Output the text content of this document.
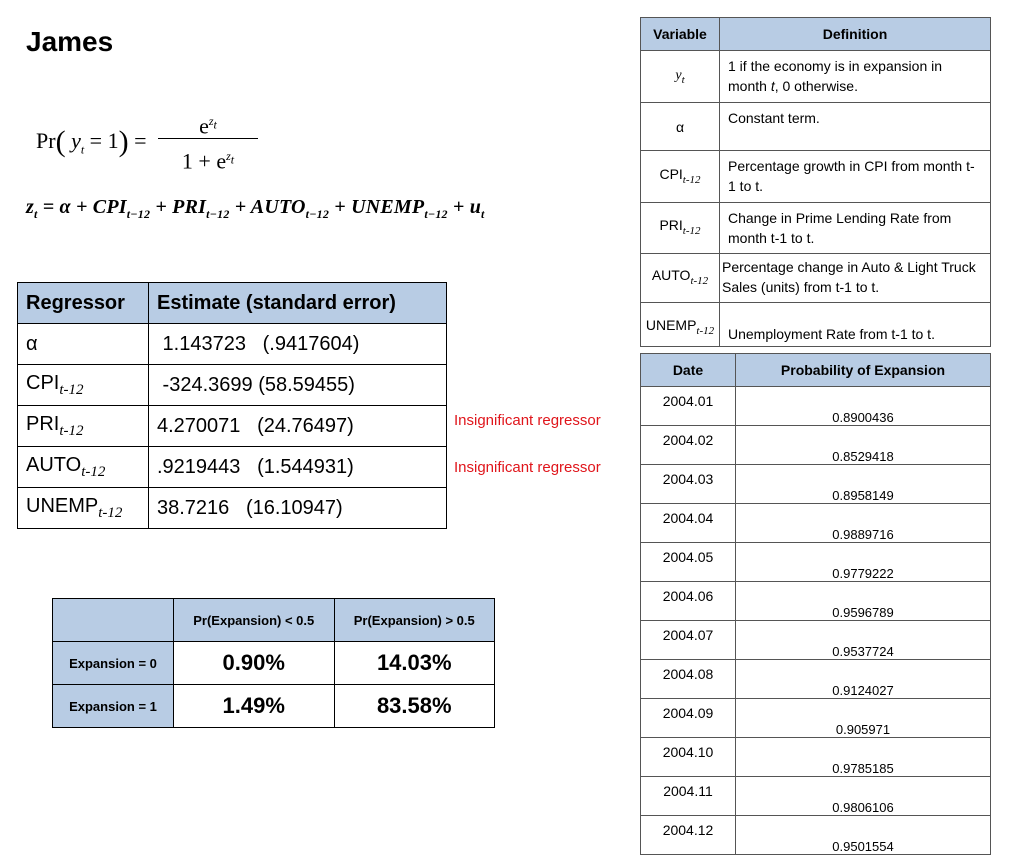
James
Pr( $y_t = 1$) =
$e^{z_t}$
$1 + e^{z_t}$
$z_t = \alpha + CPI_{t-12} + PRI_{t-12}$ + $AUTO_{t-12}$ + $UNEMP_{t-12} + u_t$
Regressor	Estimate (standard error)
α	1.143723   (.9417604)
$CPI_{t-12}$	-324.3699 (58.59455)
$PRI_{t-12}$	4.270071   (24.76497)
$AUTO_{t-12}$	.9219443   (1.544931)
$UNEMP_{t-12}$	38.7216   (16.10947)
Insignificant regressor
Insignificant regressor
	Pr(Expansion) < 0.5	Pr(Expansion) > 0.5
Expansion = 0	0.90%	14.03%
Expansion = 1	1.49%	83.58%
Variable	Definition
$y_t$	1 if the economy is in expansion in month t, 0 otherwise.
α	Constant term.
$CPI_{t-12}$	Percentage growth in CPI from month t-1 to t.
$PRI_{t-12}$	Change in Prime Lending Rate from month t-1 to t.
$AUTO_{t-12}$	Percentage change in Auto & Light Truck Sales (units) from t-1 to t.
$UNEMP_{t-12}$	Unemployment Rate from t-1 to t.
Date	Probability of Expansion
2004.01	0.8900436
2004.02	0.8529418
2004.03	0.8958149
2004.04	0.9889716
2004.05	0.9779222
2004.06	0.9596789
2004.07	0.9537724
2004.08	0.9124027
2004.09	0.905971
2004.10	0.9785185
2004.11	0.9806106
2004.12	0.9501554
